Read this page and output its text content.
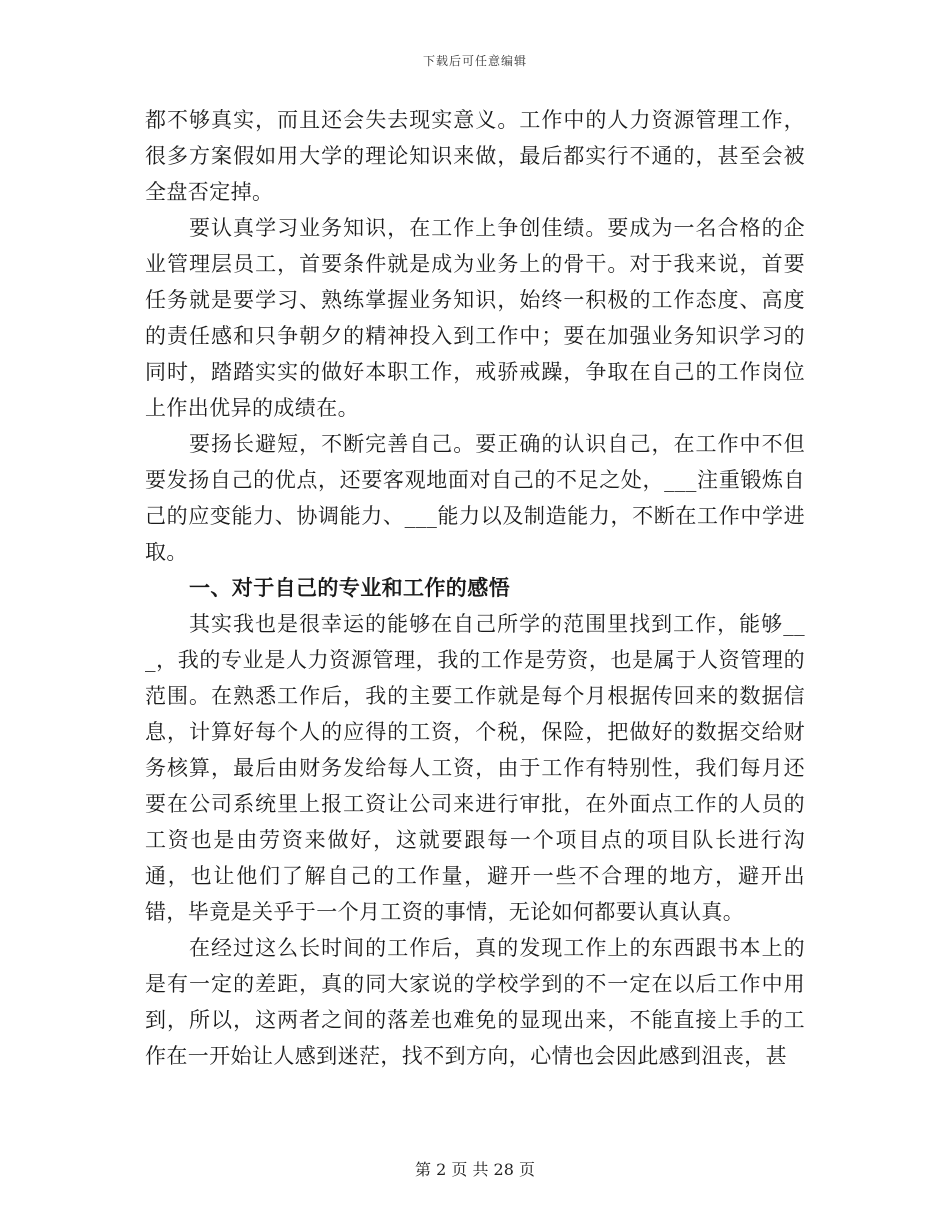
下载后可任意编辑

都不够真实，而且还会失去现实意义。工作中的人力资源管理工作，很多方案假如用大学的理论知识来做，最后都实行不通的，甚至会被全盘否定掉。

要认真学习业务知识，在工作上争创佳绩。要成为一名合格的企业管理层员工，首要条件就是成为业务上的骨干。对于我来说，首要任务就是要学习、熟练掌握业务知识，始终一积极的工作态度、高度的责任感和只争朝夕的精神投入到工作中；要在加强业务知识学习的同时，踏踏实实的做好本职工作，戒骄戒躁，争取在自己的工作岗位上作出优异的成绩在。

要扬长避短，不断完善自己。要正确的认识自己，在工作中不但要发扬自己的优点，还要客观地面对自己的不足之处，___注重锻炼自己的应变能力、协调能力、___能力以及制造能力，不断在工作中学进取。

一、对于自己的专业和工作的感悟

其实我也是很幸运的能够在自己所学的范围里找到工作，能够___，我的专业是人力资源管理，我的工作是劳资，也是属于人资管理的范围。在熟悉工作后，我的主要工作就是每个月根据传回来的数据信息，计算好每个人的应得的工资，个税，保险，把做好的数据交给财务核算，最后由财务发给每人工资，由于工作有特别性，我们每月还要在公司系统里上报工资让公司来进行审批，在外面点工作的人员的工资也是由劳资来做好，这就要跟每一个项目点的项目队长进行沟通，也让他们了解自己的工作量，避开一些不合理的地方，避开出错，毕竟是关乎于一个月工资的事情，无论如何都要认真认真。

在经过这么长时间的工作后，真的发现工作上的东西跟书本上的是有一定的差距，真的同大家说的学校学到的不一定在以后工作中用到，所以，这两者之间的落差也难免的显现出来，不能直接上手的工作在一开始让人感到迷茫，找不到方向，心情也会因此感到沮丧，甚

第 2 页 共 28 页
